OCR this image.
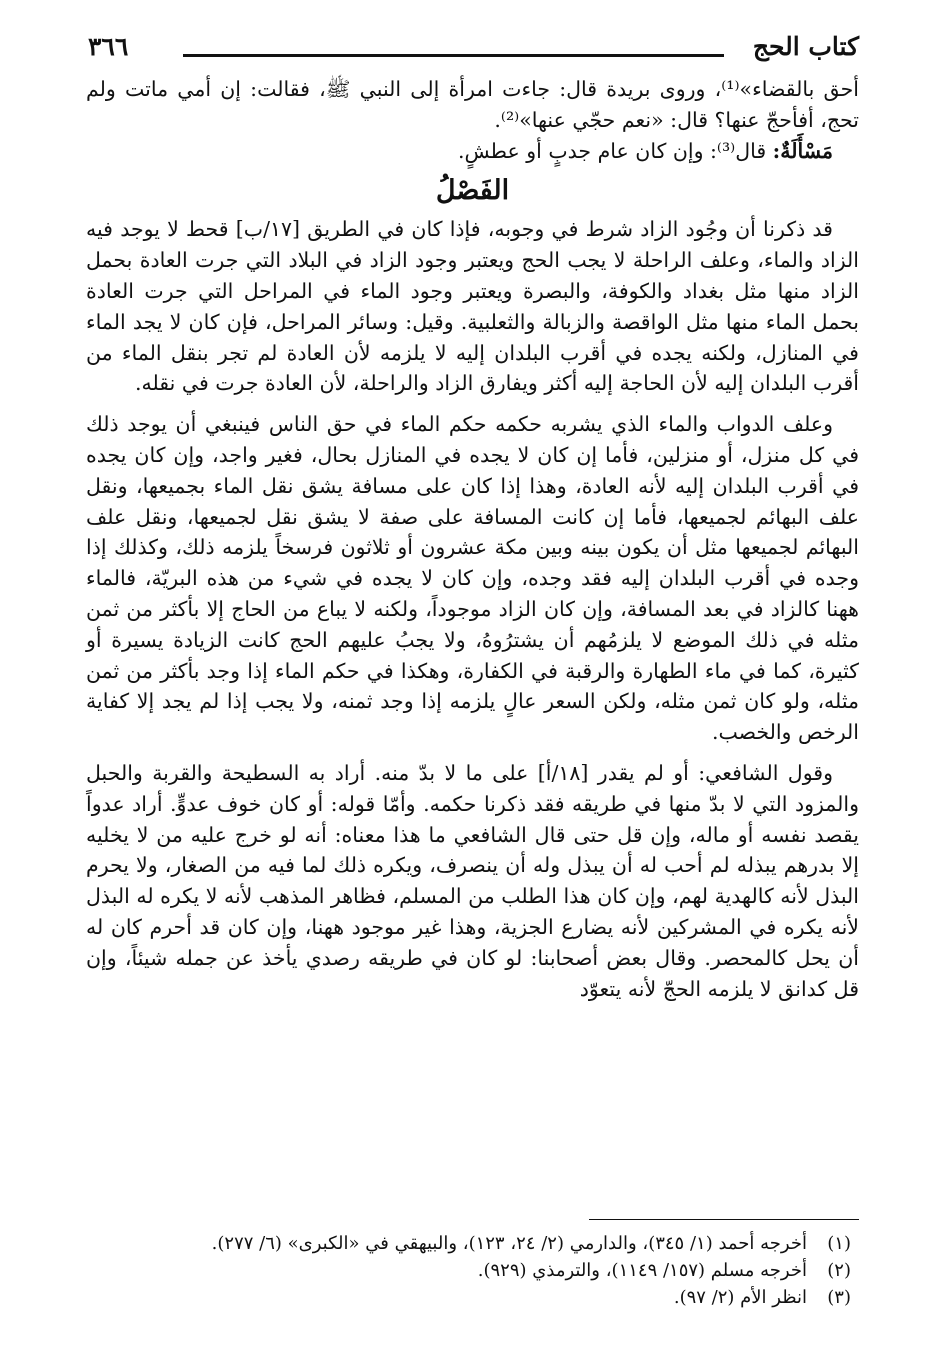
كتاب الحج
٣٦٦

أحق بالقضاء»⁽¹⁾، وروى بريدة قال: جاءت امرأة إلى النبي ﷺ، فقالت: إن أمي ماتت ولم تحج، أفأحجّ عنها؟ قال: «نعم حجّي عنها»⁽²⁾.

مَسْأَلَةٌ: قال⁽³⁾: وإن كان عام جدبٍ أو عطشٍ.

الفَصْلُ

قد ذكرنا أن وجُود الزاد شرط في وجوبه، فإذا كان في الطريق [١٧/ب] قحط لا يوجد فيه الزاد والماء، وعلف الراحلة لا يجب الحج ويعتبر وجود الزاد في البلاد التي جرت العادة بحمل الزاد منها مثل بغداد والكوفة، والبصرة ويعتبر وجود الماء في المراحل التي جرت العادة بحمل الماء منها مثل الواقصة والزبالة والثعلبية. وقيل: وسائر المراحل، فإن كان لا يجد الماء في المنازل، ولكنه يجده في أقرب البلدان إليه لا يلزمه لأن العادة لم تجر بنقل الماء من أقرب البلدان إليه لأن الحاجة إليه أكثر ويفارق الزاد والراحلة، لأن العادة جرت في نقله.

وعلف الدواب والماء الذي يشربه حكمه حكم الماء في حق الناس فينبغي أن يوجد ذلك في كل منزل، أو منزلين، فأما إن كان لا يجده في المنازل بحال، فغير واجد، وإن كان يجده في أقرب البلدان إليه لأنه العادة، وهذا إذا كان على مسافة يشق نقل الماء بجميعها، ونقل علف البهائم لجميعها، فأما إن كانت المسافة على صفة لا يشق نقل لجميعها، ونقل علف البهائم لجميعها مثل أن يكون بينه وبين مكة عشرون أو ثلاثون فرسخاً يلزمه ذلك، وكذلك إذا وجده في أقرب البلدان إليه فقد وجده، وإن كان لا يجده في شيء من هذه البريّة، فالماء ههنا كالزاد في بعد المسافة، وإن كان الزاد موجوداً، ولكنه لا يباع من الحاج إلا بأكثر من ثمن مثله في ذلك الموضع لا يلزمُهم أن يشترُوهُ، ولا يجبُ عليهم الحج كانت الزيادة يسيرة أو كثيرة، كما في ماء الطهارة والرقبة في الكفارة، وهكذا في حكم الماء إذا وجد بأكثر من ثمن مثله، ولو كان ثمن مثله، ولكن السعر عالٍ يلزمه إذا وجد ثمنه، ولا يجب إذا لم يجد إلا كفاية الرخص والخصب.

وقول الشافعي: أو لم يقدر [١٨/أ] على ما لا بدّ منه. أراد به السطيحة والقربة والحبل والمزود التي لا بدّ منها في طريقه فقد ذكرنا حكمه. وأمّا قوله: أو كان خوف عدوٍّ. أراد عدواً يقصد نفسه أو ماله، وإن قل حتى قال الشافعي ما هذا معناه: أنه لو خرج عليه من لا يخليه إلا بدرهم يبذله لم أحب له أن يبذل وله أن ينصرف، ويكره ذلك لما فيه من الصغار، ولا يحرم البذل لأنه كالهدية لهم، وإن كان هذا الطلب من المسلم، فظاهر المذهب لأنه لا يكره له البذل لأنه يكره في المشركين لأنه يضارع الجزية، وهذا غير موجود ههنا، وإن كان قد أحرم كان له أن يحل كالمحصر. وقال بعض أصحابنا: لو كان في طريقه رصدي يأخذ عن جمله شيئاً، وإن قل كدانق لا يلزمه الحجّ لأنه يتعوّد

(١)
أخرجه أحمد (١/ ٣٤٥)، والدارمي (٢/ ٢٤، ١٢٣)، والبيهقي في «الكبرى» (٦/ ٢٧٧).
(٢)
أخرجه مسلم (١٥٧/ ١١٤٩)، والترمذي (٩٢٩).
(٣)
انظر الأم (٢/ ٩٧).
